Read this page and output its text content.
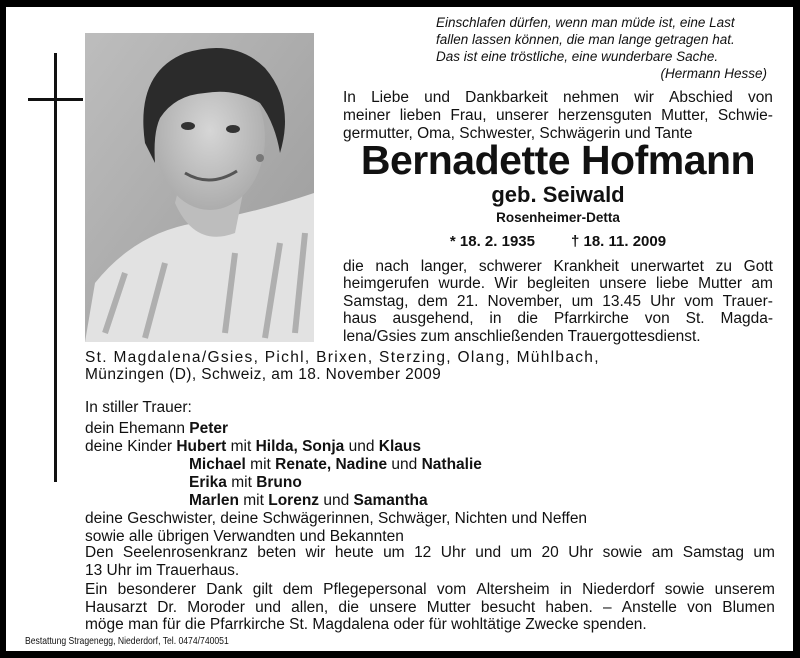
Einschlafen dürfen, wenn man müde ist, eine Last
fallen lassen können, die man lange getragen hat.
Das ist eine tröstliche, eine wunderbare Sache.
(Hermann Hesse)
In Liebe und Dankbarkeit nehmen wir Abschied von
meiner lieben Frau, unserer herzensguten Mutter, Schwie-
germutter, Oma, Schwester, Schwägerin und Tante
Bernadette Hofmann
geb. Seiwald
Rosenheimer-Detta
* 18. 2. 1935 † 18. 11. 2009
die nach langer, schwerer Krankheit unerwartet zu Gott
heimgerufen wurde. Wir begleiten unsere liebe Mutter am
Samstag, dem 21. November, um 13.45 Uhr vom Trauer-
haus ausgehend, in die Pfarrkirche von St. Magda-
lena/Gsies zum anschließenden Trauergottesdienst.
St. Magdalena/Gsies, Pichl, Brixen, Sterzing, Olang, Mühlbach,
Münzingen (D), Schweiz, am 18. November 2009
In stiller Trauer:
dein Ehemann Peter
deine Kinder Hubert mit Hilda, Sonja und Klaus
Michael mit Renate, Nadine und Nathalie
Erika mit Bruno
Marlen mit Lorenz und Samantha
deine Geschwister, deine Schwägerinnen, Schwäger, Nichten und Neffen
sowie alle übrigen Verwandten und Bekannten
Den Seelenrosenkranz beten wir heute um 12 Uhr und um 20 Uhr sowie am Samstag um
13 Uhr im Trauerhaus.
Ein besonderer Dank gilt dem Pflegepersonal vom Altersheim in Niederdorf sowie unserem
Hausarzt Dr. Moroder und allen, die unsere Mutter besucht haben. – Anstelle von Blumen
möge man für die Pfarrkirche St. Magdalena oder für wohltätige Zwecke spenden.
Bestattung Stragenegg, Niederdorf, Tel. 0474/740051
